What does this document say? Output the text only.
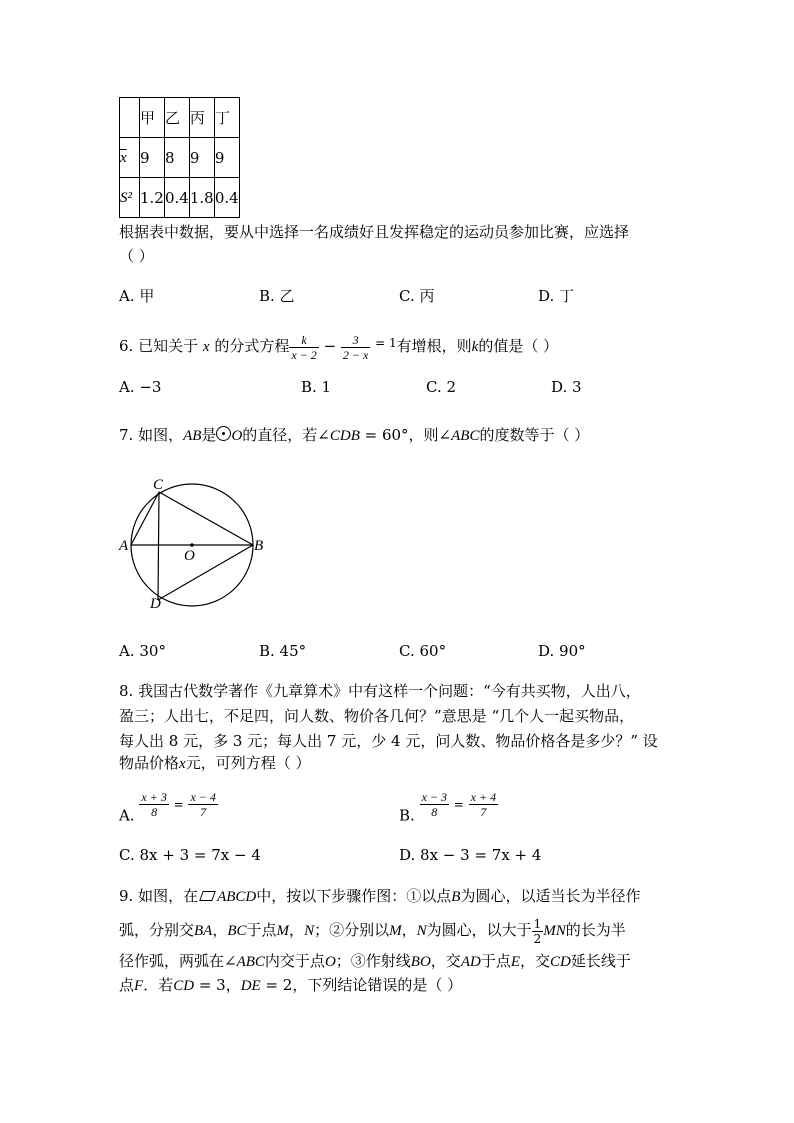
	甲	乙	丙	丁
$\overline{x}$	9	8	9	9
S²	1.2	0.4	1.8	0.4
根据表中数据，要从中选择一名成绩好且发挥稳定的运动员参加比赛，应选择
（ ）
A. 甲	B. 乙	C. 丙	D. 丁
6. 已知关于 x 的分式方程 $\frac{k}{x - 2} - \frac{3}{2 - x} ^{= 1}$有增根，则k的值是（ ）
A. −3	B. 1	C. 2	D. 3
7. 如图，AB是 O的直径，若∠CDB = 60°，则∠ABC的度数等于（ ）
C
A	B
O
D
A. 30°	B. 45°	C. 60°	D. 90°
8. 我国古代数学著作《九章算术》中有这样一个问题：“今有共买物，人出八，
盈三；人出七，不足四，问人数、物价各几何？”意思是 “几个人一起买物品，
每人出 8 元，多 3 元；每人出 7 元，少 4 元，问人数、物品价格各是多少？” 设
物品价格x元，可列方程（ ）
A. $\frac{x + 3}{8} = \frac{x - 4}{7}$	B. $\frac{x - 3}{8} = \frac{x + 4}{7}$
C. 8x + 3 = 7x − 4	D. 8x − 3 = 7x + 4
9. 如图，在 ABCD中，按以下步骤作图：①以点B为圆心，以适当长为半径作
弧，分别交BA，BC于点M，N；②分别以M，N为圆心，以大于 $\frac{1}{2}$ MN的长为半
径作弧，两弧在∠ABC内交于点O；③作射线BO，交AD于点E，交CD延长线于
点F．若CD = 3，DE = 2，下列结论错误的是（ ）
